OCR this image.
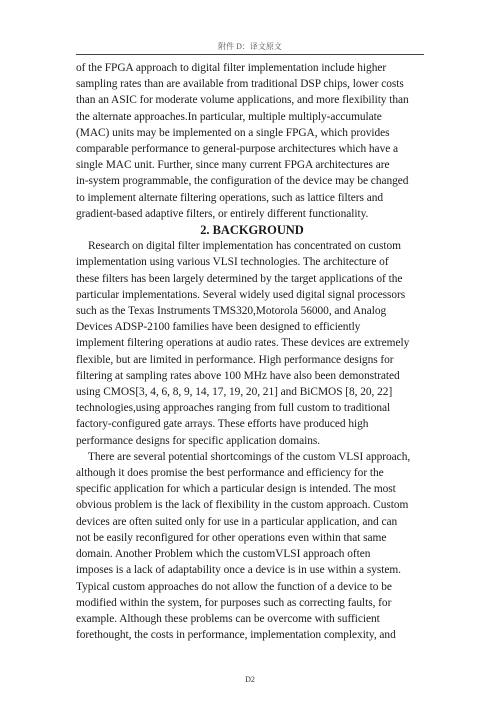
附件 D：译文原文
of the FPGA approach to digital filter implementation include higher
sampling rates than are available from traditional DSP chips, lower costs
than an ASIC for moderate volume applications, and more flexibility than
the alternate approaches.In particular, multiple multiply-accumulate
(MAC) units may be implemented on a single FPGA, which provides
comparable performance to general-purpose architectures which have a
single MAC unit. Further, since many current FPGA architectures are
in-system programmable, the configuration of the device may be changed
to implement alternate filtering operations, such as lattice filters and
gradient-based adaptive filters, or entirely different functionality.
2. BACKGROUND
Research on digital filter implementation has concentrated on custom
implementation using various VLSI technologies. The architecture of
these filters has been largely determined by the target applications of the
particular implementations. Several widely used digital signal processors
such as the Texas Instruments TMS320,Motorola 56000, and Analog
Devices ADSP-2100 families have been designed to efficiently
implement filtering operations at audio rates. These devices are extremely
flexible, but are limited in performance. High performance designs for
filtering at sampling rates above 100 MHz have also been demonstrated
using CMOS[3, 4, 6, 8, 9, 14, 17, 19, 20, 21] and BiCMOS [8, 20, 22]
technologies,using approaches ranging from full custom to traditional
factory-configured gate arrays. These efforts have produced high
performance designs for specific application domains.
There are several potential shortcomings of the custom VLSI approach,
although it does promise the best performance and efficiency for the
specific application for which a particular design is intended. The most
obvious problem is the lack of flexibility in the custom approach. Custom
devices are often suited only for use in a particular application, and can
not be easily reconfigured for other operations even within that same
domain. Another Problem which the customVLSI approach often
imposes is a lack of adaptability once a device is in use within a system.
Typical custom approaches do not allow the function of a device to be
modified within the system, for purposes such as correcting faults, for
example. Although these problems can be overcome with sufficient
forethought, the costs in performance, implementation complexity, and
D2
